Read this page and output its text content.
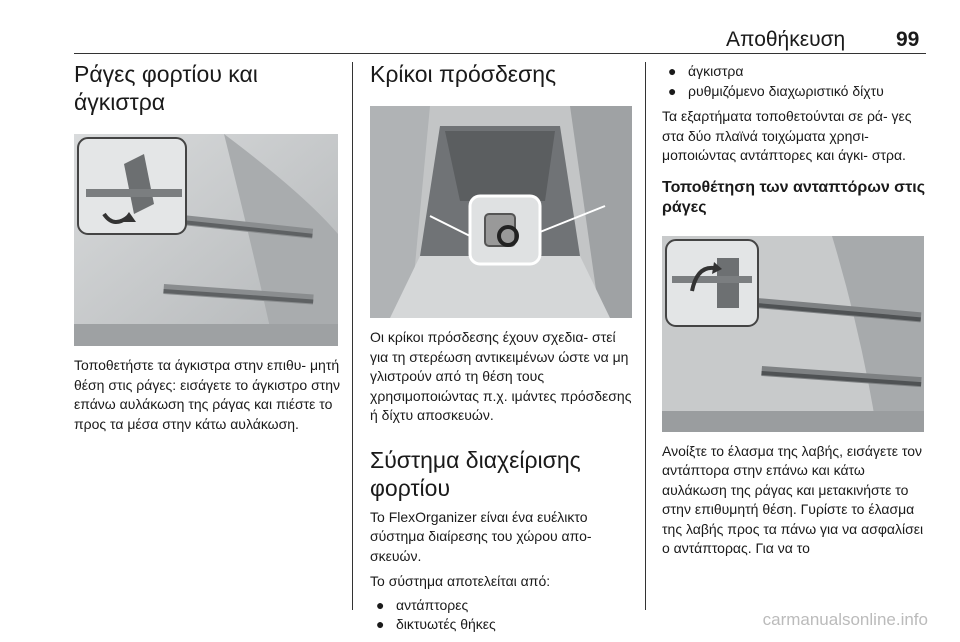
Αποθήκευση 99
Ράγες φορτίου και άγκιστρα

Τοποθετήστε τα άγκιστρα στην επιθυ- μητή θέση στις ράγες: εισάγετε το άγκιστρο στην επάνω αυλάκωση της ράγας και πιέστε το προς τα μέσα στην κάτω αυλάκωση.

Κρίκοι πρόσδεσης

Οι κρίκοι πρόσδεσης έχουν σχεδια- στεί για τη στερέωση αντικειμένων ώστε να μη γλιστρούν από τη θέση τους χρησιμοποιώντας π.χ. ιμάντες πρόσδεσης ή δίχτυ αποσκευών.

Σύστημα διαχείρισης φορτίου

Το FlexOrganizer είναι ένα ευέλικτο σύστημα διαίρεσης του χώρου απο- σκευών.

Το σύστημα αποτελείται από:

● αντάπτορες
● δικτυωτές θήκες
● άγκιστρα
● ρυθμιζόμενο διαχωριστικό δίχτυ

Τα εξαρτήματα τοποθετούνται σε ρά- γες στα δύο πλαϊνά τοιχώματα χρησι- μοποιώντας αντάπτορες και άγκι- στρα.

Τοποθέτηση των ανταπτόρων στις ράγες

Ανοίξτε το έλασμα της λαβής, εισάγετε τον αντάπτορα στην επάνω και κάτω αυλάκωση της ράγας και μετακινήστε το στην επιθυμητή θέση. Γυρίστε το έλασμα της λαβής προς τα πάνω για να ασφαλίσει ο αντάπτορας. Για να το

carmanualsonline.info
